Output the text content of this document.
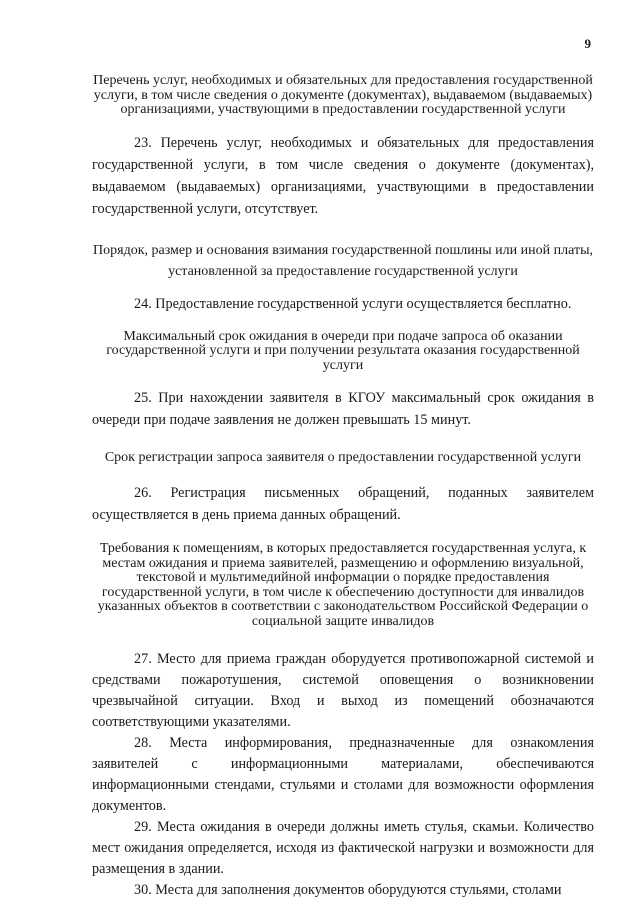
9

Перечень услуг, необходимых и обязательных для предоставления государственной услуги, в том числе сведения о документе (документах), выдаваемом (выдаваемых) организациями, участвующими в предоставлении государственной услуги

23. Перечень услуг, необходимых и обязательных для предоставления государственной услуги, в том числе сведения о документе (документах), выдаваемом (выдаваемых) организациями, участвующими в предоставлении государственной услуги, отсутствует.

Порядок, размер и основания взимания государственной пошлины или иной платы, установленной за предоставление государственной услуги

24. Предоставление государственной услуги осуществляется бесплатно.

Максимальный срок ожидания в очереди при подаче запроса об оказании государственной услуги и при получении результата оказания государственной услуги

25. При нахождении заявителя в КГОУ максимальный срок ожидания в очереди при подаче заявления не должен превышать 15 минут.

Срок регистрации запроса заявителя о предоставлении государственной услуги

26. Регистрация письменных обращений, поданных заявителем осуществляется в день приема данных обращений.

Требования к помещениям, в которых предоставляется государственная услуга, к местам ожидания и приема заявителей, размещению и оформлению визуальной, текстовой и мультимедийной информации о порядке предоставления государственной услуги, в том числе к обеспечению доступности для инвалидов указанных объектов в соответствии с законодательством Российской Федерации о социальной защите инвалидов

27. Место для приема граждан оборудуется противопожарной системой и средствами пожаротушения, системой оповещения о возникновении чрезвычайной ситуации. Вход и выход из помещений обозначаются соответствующими указателями.

28. Места информирования, предназначенные для ознакомления заявителей с информационными материалами, обеспечиваются информационными стендами, стульями и столами для возможности оформления документов.

29. Места ожидания в очереди должны иметь стулья, скамьи. Количество мест ожидания определяется, исходя из фактической нагрузки и возможности для размещения в здании.

30. Места для заполнения документов оборудуются стульями, столами
